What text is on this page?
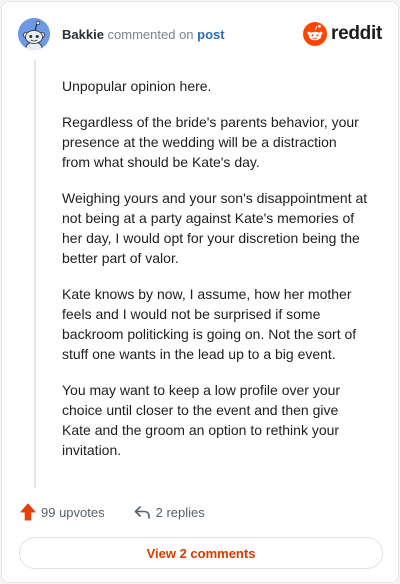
Bakkie commented on post	reddit

Unpopular opinion here.

Regardless of the bride's parents behavior, your presence at the wedding will be a distraction from what should be Kate's day.

Weighing yours and your son's disappointment at not being at a party against Kate's memories of her day, I would opt for your discretion being the better part of valor.

Kate knows by now, I assume, how her mother feels and I would not be surprised if some backroom politicking is going on. Not the sort of stuff one wants in the lead up to a big event.

You may want to keep a low profile over your choice until closer to the event and then give Kate and the groom an option to rethink your invitation.

99 upvotes	2 replies
View 2 comments
